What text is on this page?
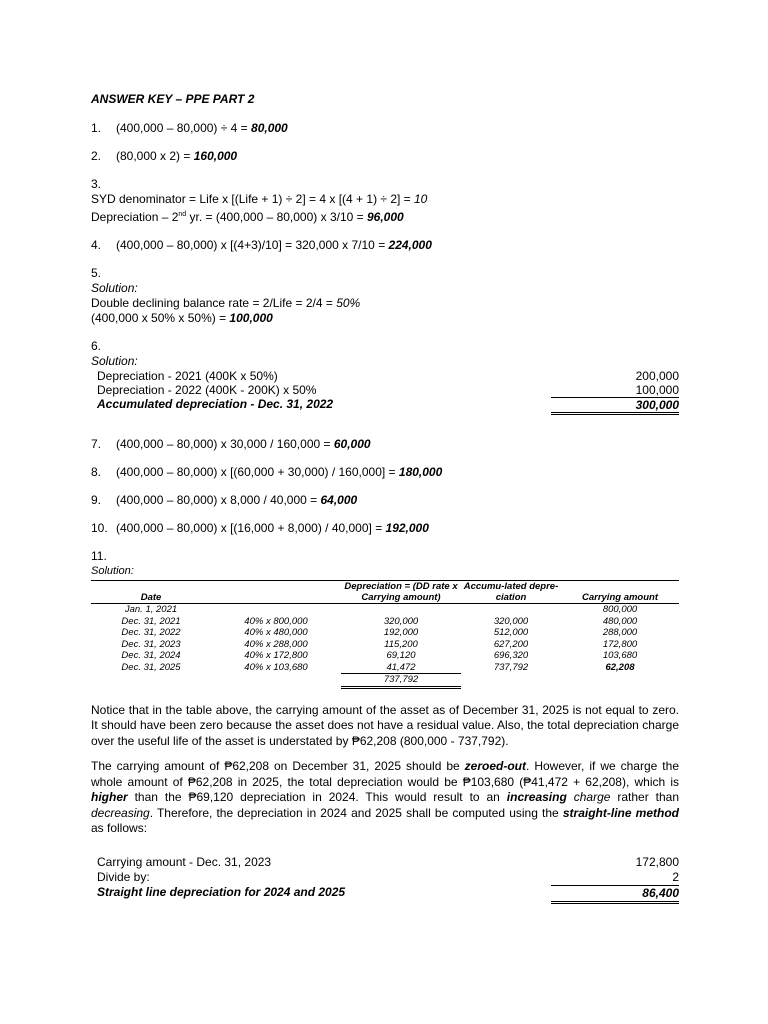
ANSWER KEY – PPE PART 2
1. (400,000 – 80,000) ÷ 4 = 80,000
2. (80,000 x 2) = 160,000
3.
SYD denominator = Life x [(Life + 1) ÷ 2] = 4 x [(4 + 1) ÷ 2] = 10
Depreciation – 2nd yr. = (400,000 – 80,000) x 3/10 = 96,000
4. (400,000 – 80,000) x [(4+3)/10] = 320,000 x 7/10 = 224,000
5.
Solution:
Double declining balance rate = 2/Life = 2/4 = 50%
(400,000 x 50% x 50%) = 100,000
6.
Solution:
Depreciation - 2021 (400K x 50%)	200,000
Depreciation - 2022 (400K - 200K) x 50%	100,000
Accumulated depreciation - Dec. 31, 2022	300,000
7. (400,000 – 80,000) x 30,000 / 160,000 = 60,000
8. (400,000 – 80,000) x [(60,000 + 30,000) / 160,000] = 180,000
9. (400,000 – 80,000) x 8,000 / 40,000 = 64,000
10. (400,000 – 80,000) x [(16,000 + 8,000) / 40,000] = 192,000
11.
Solution:
Date		Depreciation = (DD rate x Carrying amount)	Accumu-lated depre-ciation	Carrying amount
Jan. 1, 2021				800,000
Dec. 31, 2021	40% x 800,000	320,000	320,000	480,000
Dec. 31, 2022	40% x 480,000	192,000	512,000	288,000
Dec. 31, 2023	40% x 288,000	115,200	627,200	172,800
Dec. 31, 2024	40% x 172,800	69,120	696,320	103,680
Dec. 31, 2025	40% x 103,680	41,472	737,792	62,208
		737,792		

Notice that in the table above, the carrying amount of the asset as of December 31, 2025 is not equal to zero. It should have been zero because the asset does not have a residual value. Also, the total depreciation charge over the useful life of the asset is understated by ₱62,208 (800,000 - 737,792).

The carrying amount of ₱62,208 on December 31, 2025 should be zeroed-out. However, if we charge the whole amount of ₱62,208 in 2025, the total depreciation would be ₱103,680 (₱41,472 + 62,208), which is higher than the ₱69,120 depreciation in 2024. This would result to an increasing charge rather than decreasing. Therefore, the depreciation in 2024 and 2025 shall be computed using the straight-line method as follows:

Carrying amount - Dec. 31, 2023	172,800
Divide by:	2
Straight line depreciation for 2024 and 2025	86,400
